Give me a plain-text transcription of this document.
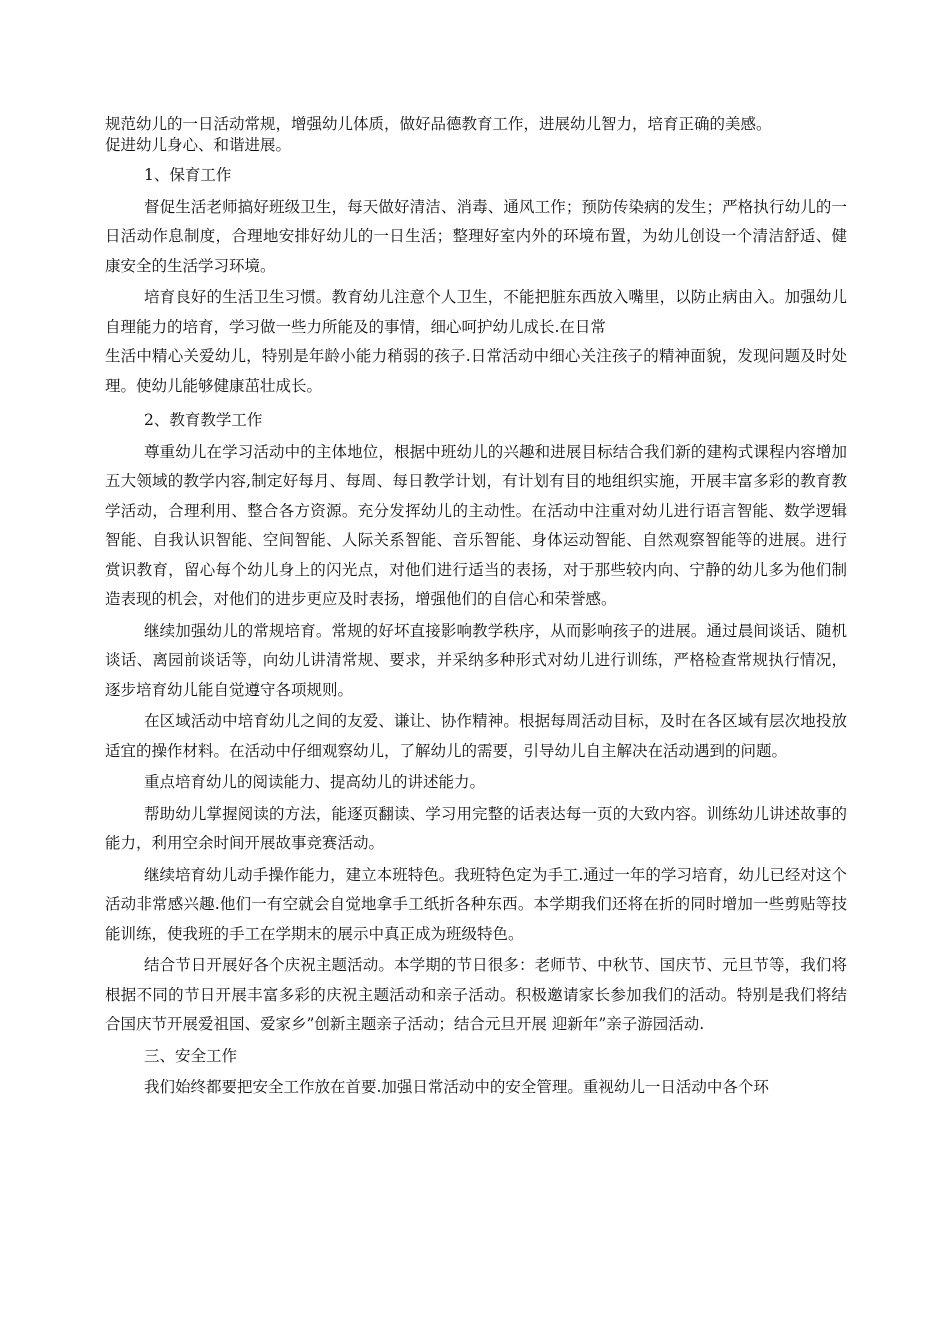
规范幼儿的一日活动常规，增强幼儿体质，做好品德教育工作，进展幼儿智力，培育正确的美感。
促进幼儿身心、和谐进展。

1、保育工作

督促生活老师搞好班级卫生，每天做好清洁、消毒、通风工作；预防传染病的发生；严格执行幼儿的一日活动作息制度，合理地安排好幼儿的一日生活；整理好室内外的环境布置，为幼儿创设一个清洁舒适、健康安全的生活学习环境。

培育良好的生活卫生习惯。教育幼儿注意个人卫生，不能把脏东西放入嘴里，以防止病由入。加强幼儿自理能力的培育，学习做一些力所能及的事情，细心呵护幼儿成长.在日常
生活中精心关爱幼儿，特别是年龄小能力稍弱的孩子.日常活动中细心关注孩子的精神面貌，发现问题及时处理。使幼儿能够健康茁壮成长。

2、教育教学工作

尊重幼儿在学习活动中的主体地位，根据中班幼儿的兴趣和进展目标结合我们新的建构式课程内容增加五大领域的教学内容,制定好每月、每周、每日教学计划，有计划有目的地组织实施，开展丰富多彩的教育教学活动，合理利用、整合各方资源。充分发挥幼儿的主动性。在活动中注重对幼儿进行语言智能、数学逻辑智能、自我认识智能、空间智能、人际关系智能、音乐智能、身体运动智能、自然观察智能等的进展。进行赏识教育，留心每个幼儿身上的闪光点，对他们进行适当的表扬，对于那些较内向、宁静的幼儿多为他们制造表现的机会，对他们的进步更应及时表扬，增强他们的自信心和荣誉感。

继续加强幼儿的常规培育。常规的好坏直接影响教学秩序，从而影响孩子的进展。通过晨间谈话、随机谈话、离园前谈话等，向幼儿讲清常规、要求，并采纳多种形式对幼儿进行训练，严格检查常规执行情况，逐步培育幼儿能自觉遵守各项规则。

在区域活动中培育幼儿之间的友爱、谦让、协作精神。根据每周活动目标，及时在各区域有层次地投放适宜的操作材料。在活动中仔细观察幼儿，了解幼儿的需要，引导幼儿自主解决在活动遇到的问题。

重点培育幼儿的阅读能力、提高幼儿的讲述能力。

帮助幼儿掌握阅读的方法，能逐页翻读、学习用完整的话表达每一页的大致内容。训练幼儿讲述故事的能力，利用空余时间开展故事竞赛活动。

继续培育幼儿动手操作能力，建立本班特色。我班特色定为手工.通过一年的学习培育，幼儿已经对这个活动非常感兴趣.他们一有空就会自觉地拿手工纸折各种东西。本学期我们还将在折的同时增加一些剪贴等技能训练，使我班的手工在学期末的展示中真正成为班级特色。

结合节日开展好各个庆祝主题活动。本学期的节日很多：老师节、中秋节、国庆节、元旦节等，我们将根据不同的节日开展丰富多彩的庆祝主题活动和亲子活动。积极邀请家长参加我们的活动。特别是我们将结合国庆节开展爱祖国、爱家乡”创新主题亲子活动；结合元旦开展 迎新年”亲子游园活动.

三、安全工作

我们始终都要把安全工作放在首要.加强日常活动中的安全管理。重视幼儿一日活动中各个环
